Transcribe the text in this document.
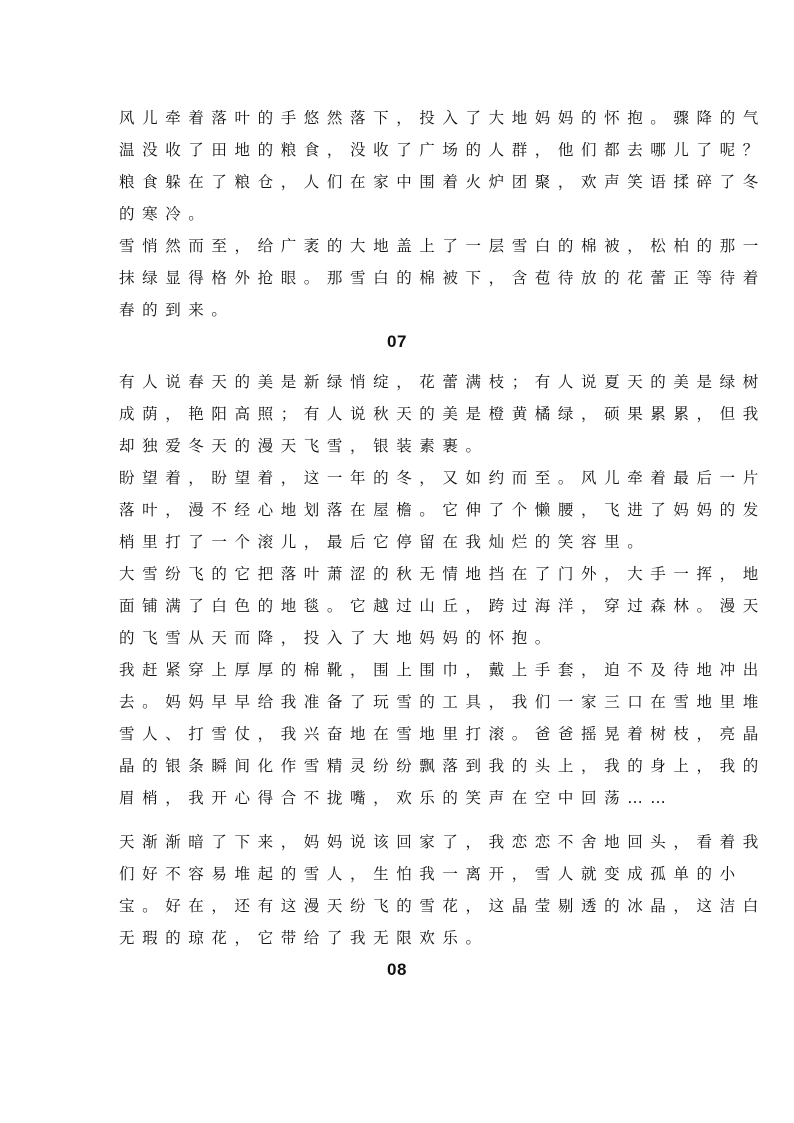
风儿牵着落叶的手悠然落下，投入了大地妈妈的怀抱。骤降的气
温没收了田地的粮食，没收了广场的人群，他们都去哪儿了呢？
粮食躲在了粮仓，人们在家中围着火炉团聚，欢声笑语揉碎了冬
的寒冷。
雪悄然而至，给广袤的大地盖上了一层雪白的棉被，松柏的那一
抹绿显得格外抢眼。那雪白的棉被下，含苞待放的花蕾正等待着
春的到来。
07
有人说春天的美是新绿悄绽，花蕾满枝；有人说夏天的美是绿树
成荫，艳阳高照；有人说秋天的美是橙黄橘绿，硕果累累，但我
却独爱冬天的漫天飞雪，银装素裹。
盼望着，盼望着，这一年的冬，又如约而至。风儿牵着最后一片
落叶，漫不经心地划落在屋檐。它伸了个懒腰，飞进了妈妈的发
梢里打了一个滚儿，最后它停留在我灿烂的笑容里。
大雪纷飞的它把落叶萧涩的秋无情地挡在了门外，大手一挥，地
面铺满了白色的地毯。它越过山丘，跨过海洋，穿过森林。漫天
的飞雪从天而降，投入了大地妈妈的怀抱。
我赶紧穿上厚厚的棉靴，围上围巾，戴上手套，迫不及待地冲出
去。妈妈早早给我准备了玩雪的工具，我们一家三口在雪地里堆
雪人、打雪仗，我兴奋地在雪地里打滚。爸爸摇晃着树枝，亮晶
晶的银条瞬间化作雪精灵纷纷飘落到我的头上，我的身上，我的
眉梢，我开心得合不拢嘴，欢乐的笑声在空中回荡……
天渐渐暗了下来，妈妈说该回家了，我恋恋不舍地回头，看着我
们好不容易堆起的雪人，生怕我一离开，雪人就变成孤单的小
宝。好在，还有这漫天纷飞的雪花，这晶莹剔透的冰晶，这洁白
无瑕的琼花，它带给了我无限欢乐。
08
